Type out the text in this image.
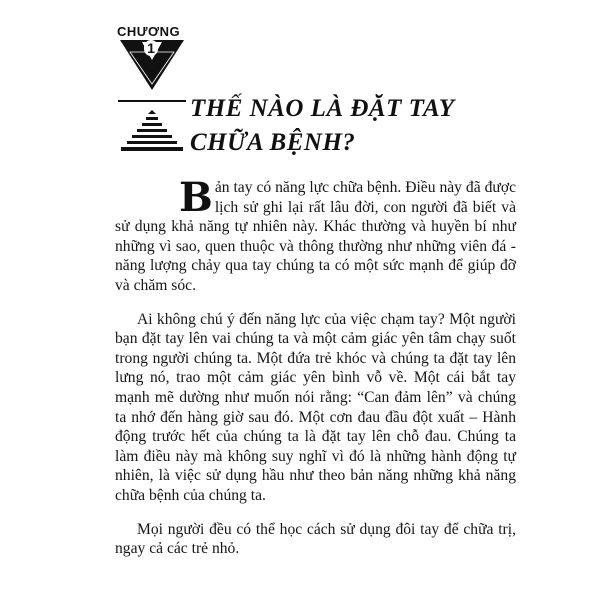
CHƯƠNG
1
THẾ NÀO LÀ ĐẶT TAY
CHỮA BỆNH?

Bản tay có năng lực chữa bệnh. Điều này đã được lịch sử ghi lại rất lâu đời, con người đã biết và sử dụng khả năng tự nhiên này. Khác thường và huyền bí như những vì sao, quen thuộc và thông thường như những viên đá - năng lượng chảy qua tay chúng ta có một sức mạnh để giúp đỡ và chăm sóc.

Ai không chú ý đến năng lực của việc chạm tay? Một người bạn đặt tay lên vai chúng ta và một cảm giác yên tâm chạy suốt trong người chúng ta. Một đứa trẻ khóc và chúng ta đặt tay lên lưng nó, trao một cảm giác yên bình vỗ về. Một cái bắt tay mạnh mẽ dường như muốn nói rằng: “Can đảm lên” và chúng ta nhớ đến hàng giờ sau đó. Một cơn đau đầu đột xuất – Hành động trước hết của chúng ta là đặt tay lên chỗ đau. Chúng ta làm điều này mà không suy nghĩ vì đó là những hành động tự nhiên, là việc sử dụng hầu như theo bản năng những khả năng chữa bệnh của chúng ta.

Mọi người đều có thể học cách sử dụng đôi tay để chữa trị, ngay cả các trẻ nhỏ.
